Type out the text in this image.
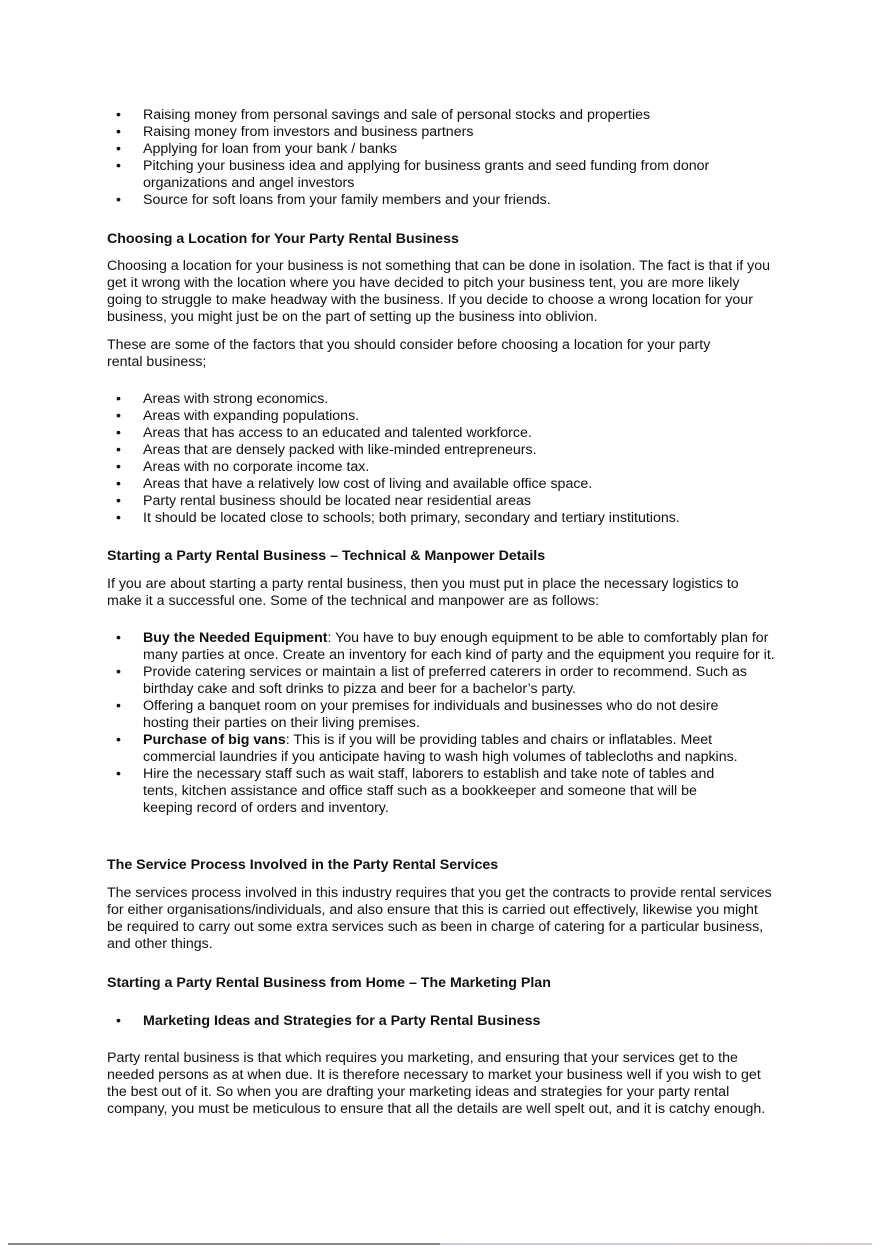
• Raising money from personal savings and sale of personal stocks and properties
• Raising money from investors and business partners
• Applying for loan from your bank / banks
• Pitching your business idea and applying for business grants and seed funding from donor organizations and angel investors
• Source for soft loans from your family members and your friends.
Choosing a Location for Your Party Rental Business

Choosing a location for your business is not something that can be done in isolation. The fact is that if you get it wrong with the location where you have decided to pitch your business tent, you are more likely going to struggle to make headway with the business. If you decide to choose a wrong location for your business, you might just be on the part of setting up the business into oblivion.

These are some of the factors that you should consider before choosing a location for your party rental business;

• Areas with strong economics.
• Areas with expanding populations.
• Areas that has access to an educated and talented workforce.
• Areas that are densely packed with like-minded entrepreneurs.
• Areas with no corporate income tax.
• Areas that have a relatively low cost of living and available office space.
• Party rental business should be located near residential areas
• It should be located close to schools; both primary, secondary and tertiary institutions.
Starting a Party Rental Business – Technical & Manpower Details

If you are about starting a party rental business, then you must put in place the necessary logistics to make it a successful one. Some of the technical and manpower are as follows:

• Buy the Needed Equipment: You have to buy enough equipment to be able to comfortably plan for many parties at once. Create an inventory for each kind of party and the equipment you require for it.
• Provide catering services or maintain a list of preferred caterers in order to recommend. Such as birthday cake and soft drinks to pizza and beer for a bachelor’s party.
• Offering a banquet room on your premises for individuals and businesses who do not desire hosting their parties on their living premises.
• Purchase of big vans: This is if you will be providing tables and chairs or inflatables. Meet commercial laundries if you anticipate having to wash high volumes of tablecloths and napkins.
• Hire the necessary staff such as wait staff, laborers to establish and take note of tables and tents, kitchen assistance and office staff such as a bookkeeper and someone that will be keeping record of orders and inventory.
The Service Process Involved in the Party Rental Services

The services process involved in this industry requires that you get the contracts to provide rental services for either organisations/individuals, and also ensure that this is carried out effectively, likewise you might be required to carry out some extra services such as been in charge of catering for a particular business, and other things.

Starting a Party Rental Business from Home – The Marketing Plan
• Marketing Ideas and Strategies for a Party Rental Business

Party rental business is that which requires you marketing, and ensuring that your services get to the needed persons as at when due. It is therefore necessary to market your business well if you wish to get the best out of it. So when you are drafting your marketing ideas and strategies for your party rental company, you must be meticulous to ensure that all the details are well spelt out, and it is catchy enough.
